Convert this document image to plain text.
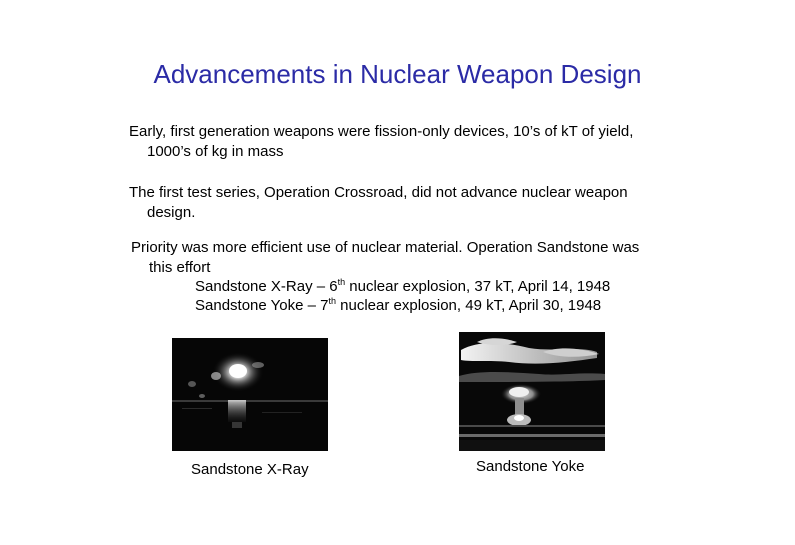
Advancements in Nuclear Weapon Design
Early, first generation weapons were fission-only devices, 10’s of kT of yield,
1000’s of kg in mass
The first test series, Operation Crossroad, did not advance nuclear weapon
design.
Priority was more efficient use of nuclear material. Operation Sandstone was
this effort
Sandstone X-Ray – 6th nuclear explosion, 37 kT, April 14, 1948
Sandstone Yoke – 7th nuclear explosion, 49 kT, April 30, 1948
Sandstone X-Ray	Sandstone Yoke
